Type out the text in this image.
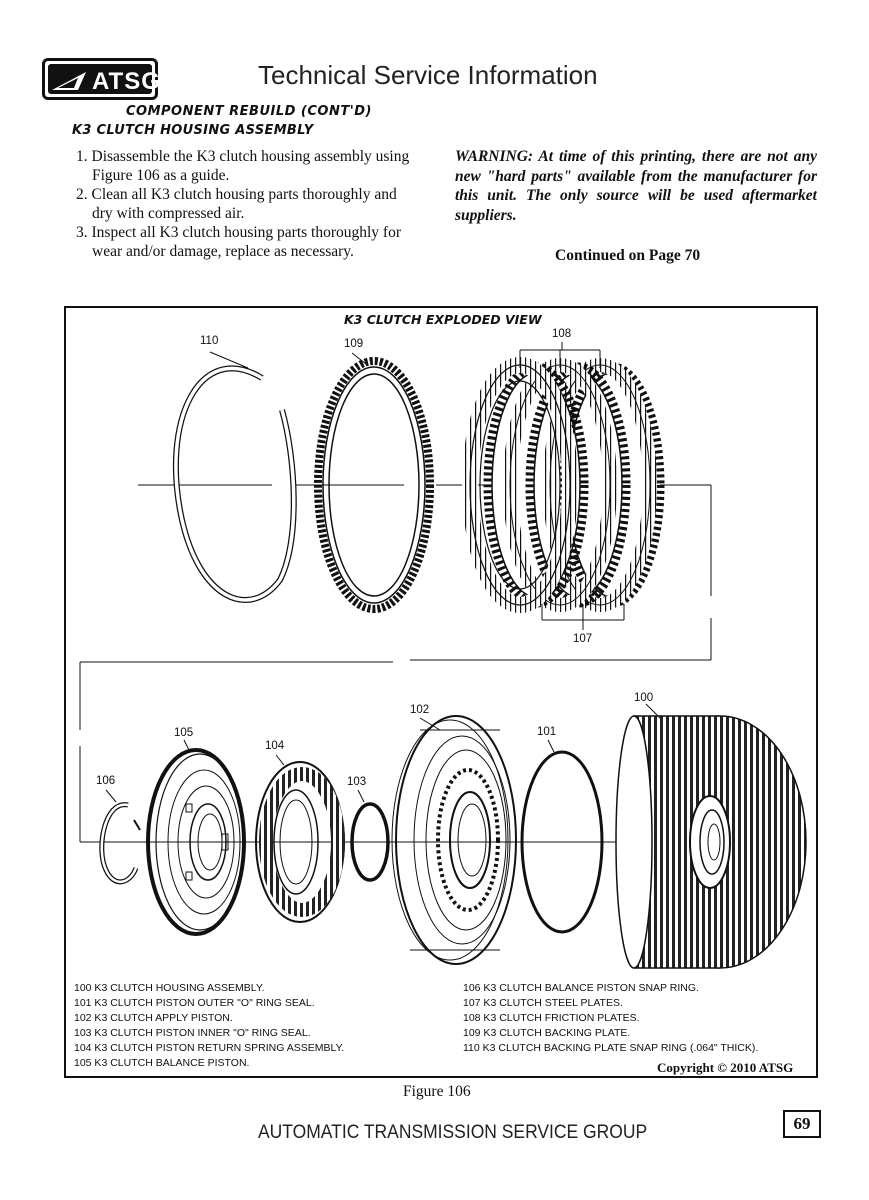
ATSG	Technical Service Information
COMPONENT REBUILD (CONT'D)
K3 CLUTCH HOUSING ASSEMBLY
1. Disassemble the K3 clutch housing assembly using Figure 106 as a guide.
2. Clean all K3 clutch housing parts thoroughly and dry with compressed air.
3. Inspect all K3 clutch housing parts thoroughly for wear and/or damage, replace as necessary.
WARNING: At time of this printing, there are not any new "hard parts" available from the manufacturer for this unit. The only source will be used aftermarket suppliers.
Continued on Page 70
K3 CLUTCH EXPLODED VIEW
110	109
108
107
100
102
101
105
104
103
106
100 K3 CLUTCH HOUSING ASSEMBLY.
101 K3 CLUTCH PISTON OUTER "O" RING SEAL.
102 K3 CLUTCH APPLY PISTON.
103 K3 CLUTCH PISTON INNER "O" RING SEAL.
104 K3 CLUTCH PISTON RETURN SPRING ASSEMBLY.
105 K3 CLUTCH BALANCE PISTON.
106 K3 CLUTCH BALANCE PISTON SNAP RING.
107 K3 CLUTCH STEEL PLATES.
108 K3 CLUTCH FRICTION PLATES.
109 K3 CLUTCH BACKING PLATE.
110 K3 CLUTCH BACKING PLATE SNAP RING (.064" THICK).
Copyright © 2010 ATSG
Figure 106
AUTOMATIC TRANSMISSION SERVICE GROUP	69
